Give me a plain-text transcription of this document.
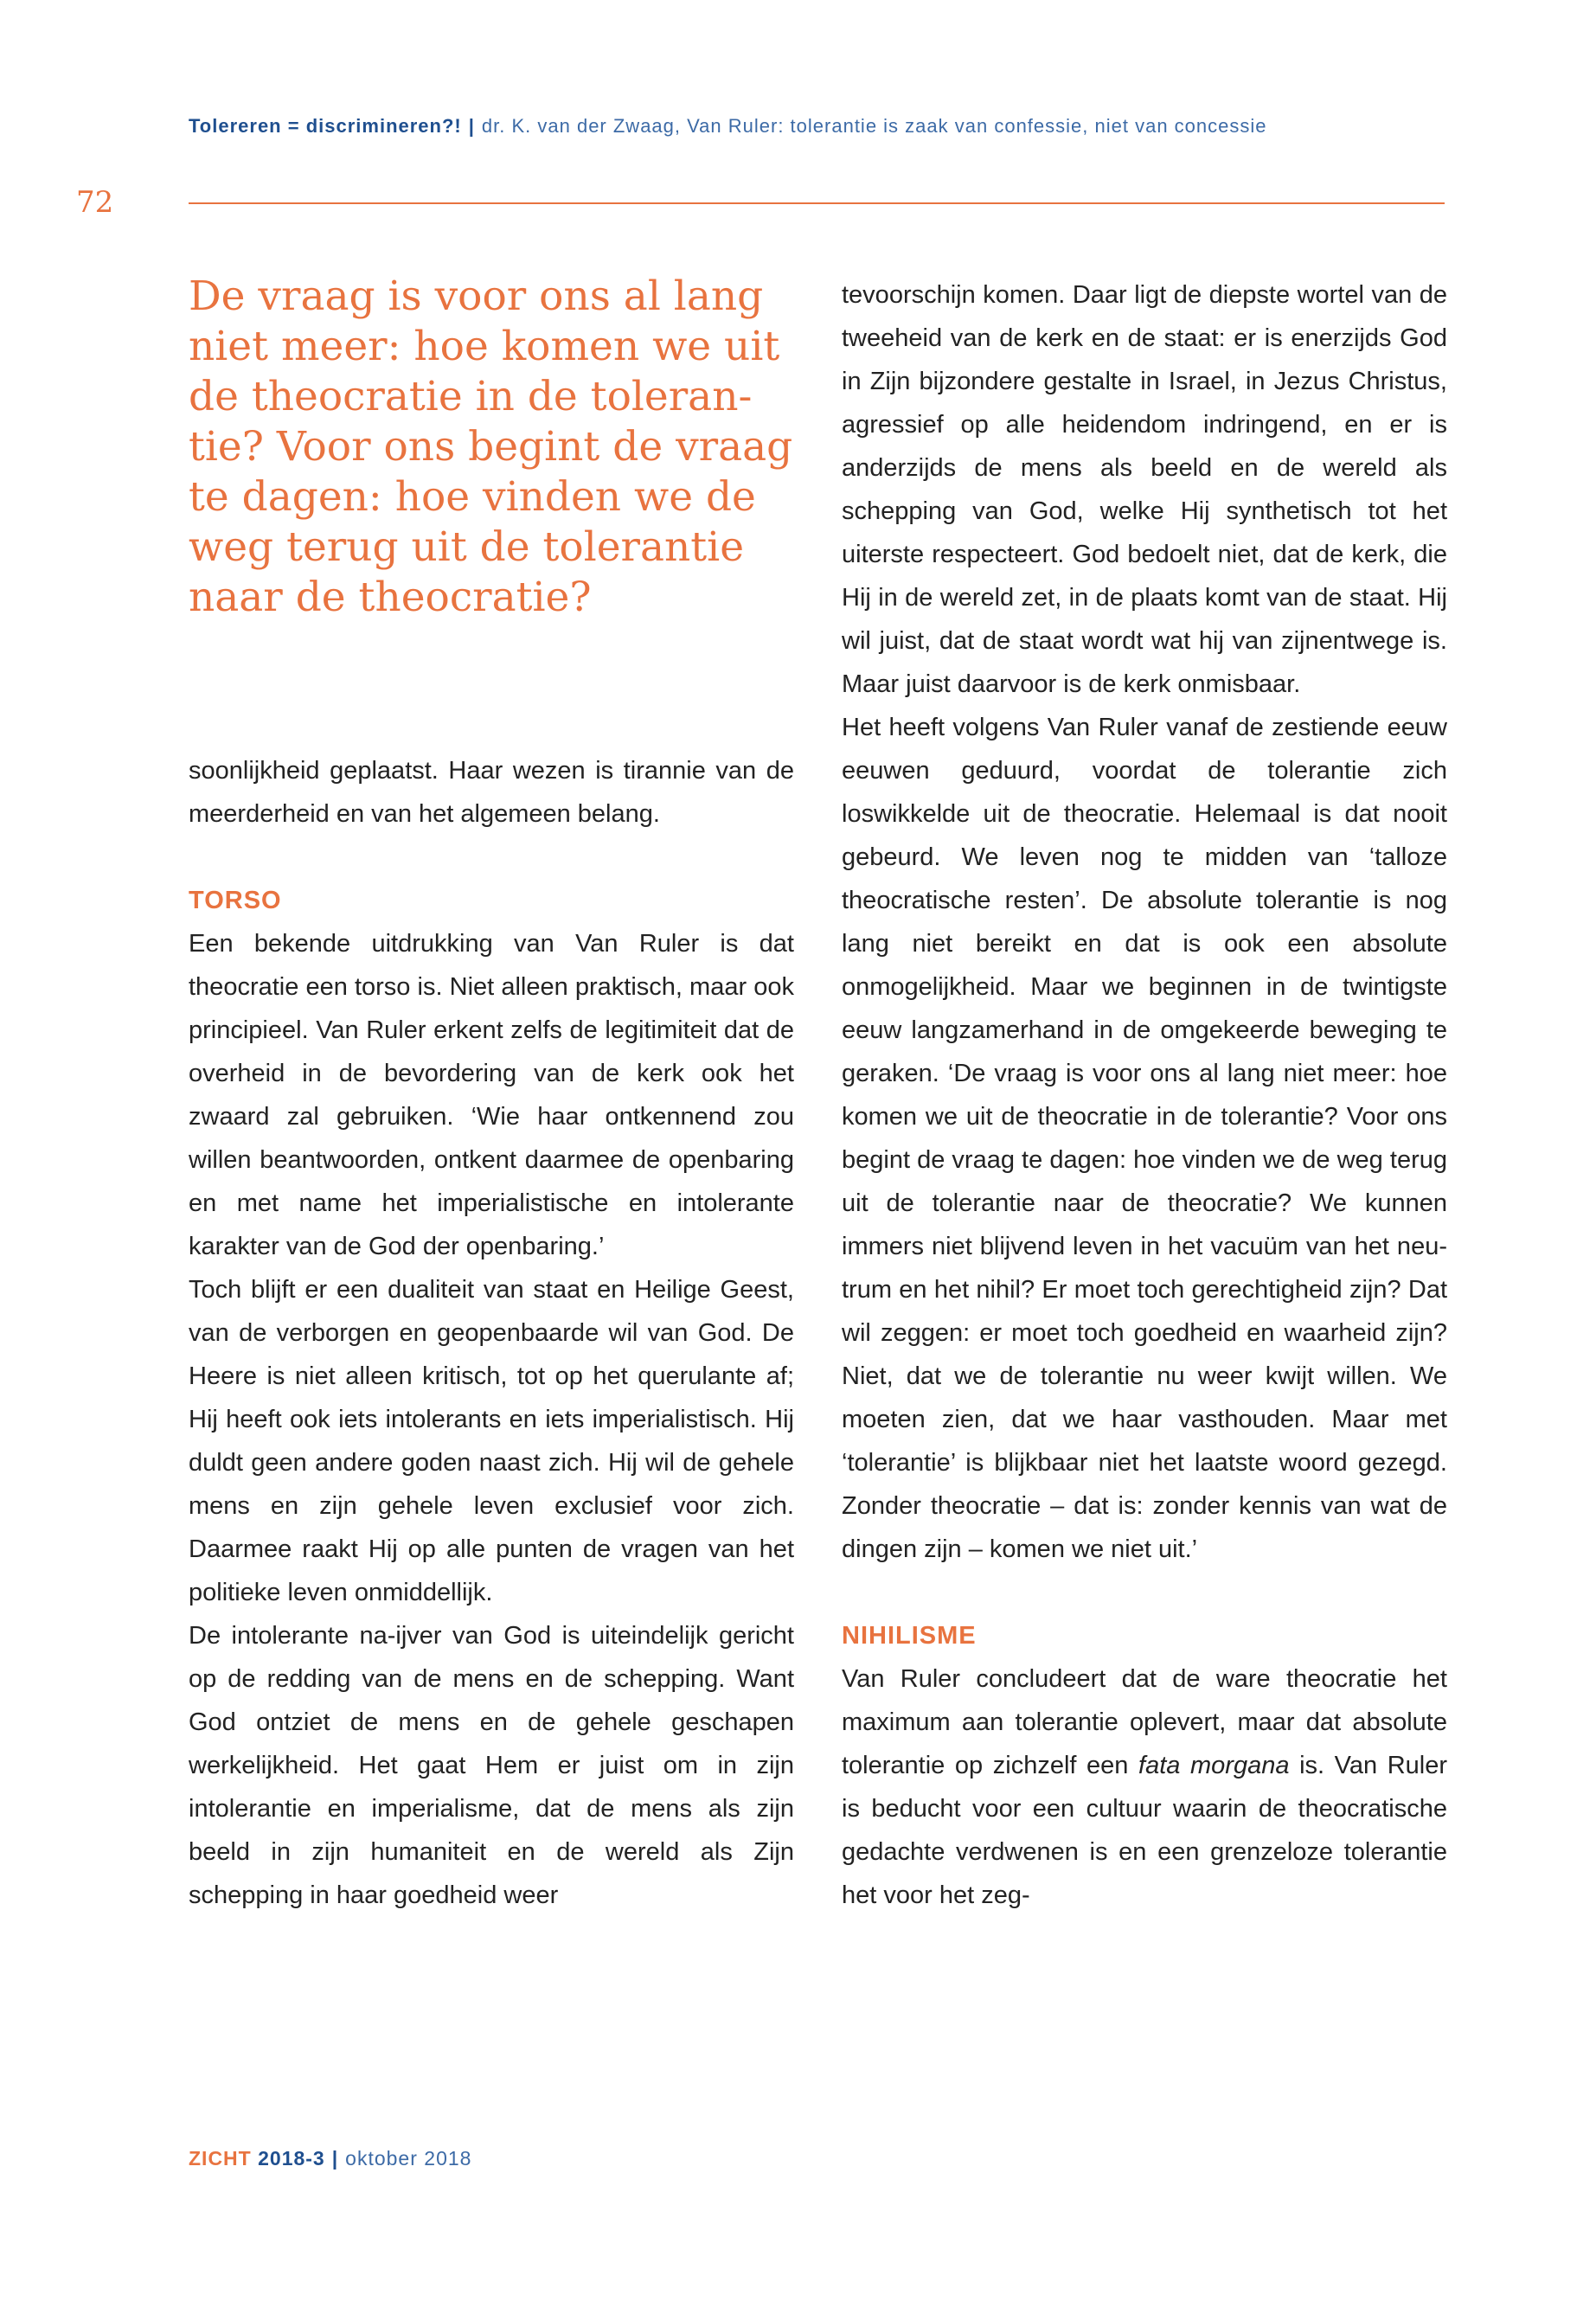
Tolereren = discrimineren?! | dr. K. van der Zwaag, Van Ruler: tolerantie is zaak van confessie, niet van concessie
72

De vraag is voor ons al lang niet meer: hoe komen we uit de theocratie in de tolerantie? Voor ons begint de vraag te dagen: hoe vinden we de weg terug uit de tolerantie naar de theocratie?

soonlijkheid geplaatst. Haar wezen is tirannie van de meerderheid en van het algemeen belang.

TORSO

Een bekende uitdrukking van Van Ruler is dat theocratie een torso is. Niet alleen praktisch, maar ook principieel. Van Ruler erkent zelfs de legitimiteit dat de overheid in de bevordering van de kerk ook het zwaard zal gebruiken. ‘Wie haar ontkennend zou willen beantwoorden, ontkent daarmee de openbaring en met name het imperialistische en intolerante karakter van de God der openbaring.’

Toch blijft er een dualiteit van staat en Heilige Geest, van de verborgen en geopenbaarde wil van God. De Heere is niet alleen kritisch, tot op het querulante af; Hij heeft ook iets intolerants en iets imperialistisch. Hij duldt geen andere goden naast zich. Hij wil de gehele mens en zijn gehele leven exclusief voor zich. Daarmee raakt Hij op alle punten de vragen van het politieke leven onmiddellijk.

De intolerante na-ijver van God is uiteindelijk gericht op de redding van de mens en de schepping. Want God ontziet de mens en de gehele geschapen werkelijkheid. Het gaat Hem er juist om in zijn intolerantie en imperialisme, dat de mens als zijn beeld in zijn humaniteit en de wereld als Zijn schepping in haar goedheid weer

tevoorschijn komen. Daar ligt de diepste wortel van de tweeheid van de kerk en de staat: er is enerzijds God in Zijn bijzondere gestalte in Israel, in Jezus Christus, agressief op alle heidendom indringend, en er is anderzijds de mens als beeld en de wereld als schepping van God, welke Hij synthetisch tot het uiterste respecteert. God bedoelt niet, dat de kerk, die Hij in de wereld zet, in de plaats komt van de staat. Hij wil juist, dat de staat wordt wat hij van zijnentwege is. Maar juist daarvoor is de kerk onmisbaar.

Het heeft volgens Van Ruler vanaf de zestiende eeuw eeuwen geduurd, voordat de tolerantie zich loswikkelde uit de theocratie. Helemaal is dat nooit gebeurd. We leven nog te midden van ‘talloze theocratische resten’. De absolute tolerantie is nog lang niet bereikt en dat is ook een absolute onmogelijkheid. Maar we beginnen in de twintigste eeuw langzamerhand in de omgekeerde beweging te geraken. ‘De vraag is voor ons al lang niet meer: hoe komen we uit de theocratie in de tolerantie? Voor ons begint de vraag te dagen: hoe vinden we de weg terug uit de tolerantie naar de theocratie? We kunnen immers niet blijvend leven in het vacuüm van het neutrum en het nihil? Er moet toch gerechtigheid zijn? Dat wil zeggen: er moet toch goedheid en waarheid zijn? Niet, dat we de tolerantie nu weer kwijt willen. We moeten zien, dat we haar vasthouden. Maar met ‘tolerantie’ is blijkbaar niet het laatste woord gezegd. Zonder theocratie – dat is: zonder kennis van wat de dingen zijn – komen we niet uit.’

NIHILISME

Van Ruler concludeert dat de ware theocratie het maximum aan tolerantie oplevert, maar dat absolute tolerantie op zichzelf een fata morgana is. Van Ruler is beducht voor een cultuur waarin de theocratische gedachte verdwenen is en een grenzeloze tolerantie het voor het zeg-

ZICHT 2018-3 | oktober 2018
